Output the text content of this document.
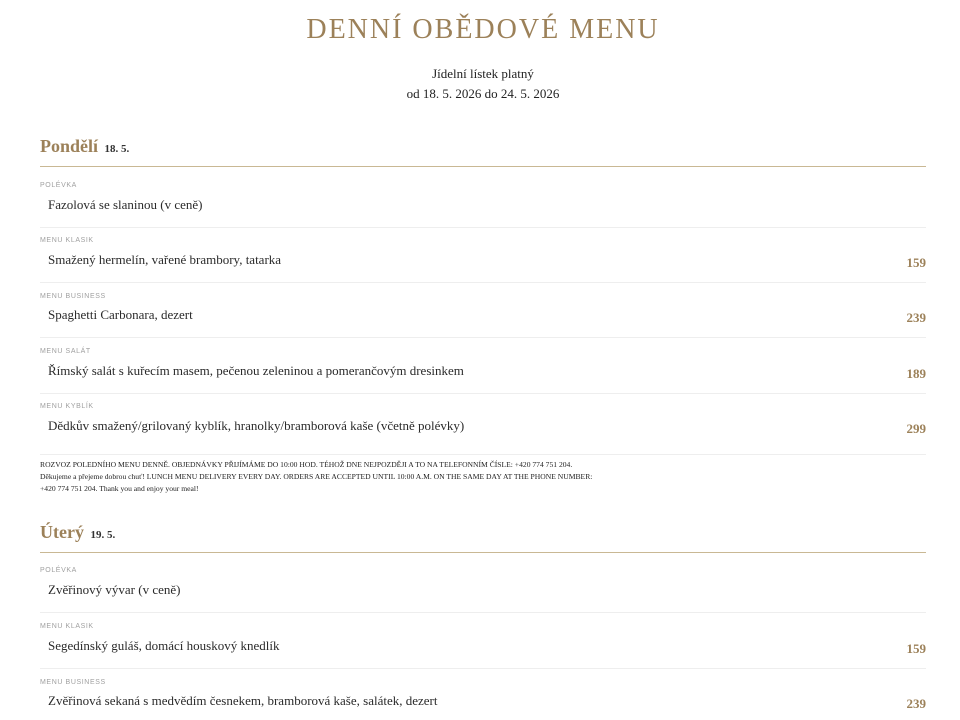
DENNÍ OBĚDOVÉ MENU
Jídelní lístek platný
od 18. 5. 2026 do 24. 5. 2026
Pondělí 18. 5.
POLÉVKA
Fazolová se slaninou (v ceně)
MENU KLASIK
Smažený hermelín, vařené brambory, tatarka	159
MENU BUSINESS
Spaghetti Carbonara, dezert	239
MENU SALÁT
Římský salát s kuřecím masem, pečenou zeleninou a pomerančovým dresinkem	189
MENU KYBLÍK
Dědkův smažený/grilovaný kyblík, hranolky/bramborová kaše (včetně polévky)	299
ROZVOZ POLEDNÍHO MENU DENNĚ. OBJEDNÁVKY PŘIJÍMÁME DO 10:00 HOD. TÉHOŽ DNE NEJPOZDĚJI A TO NA TELEFONNÍM ČÍSLE: +420 774 751 204.
Děkujeme a přejeme dobrou chuť! LUNCH MENU DELIVERY EVERY DAY. ORDERS ARE ACCEPTED UNTIL 10:00 A.M. ON THE SAME DAY AT THE PHONE NUMBER:
+420 774 751 204. Thank you and enjoy your meal!
Úterý 19. 5.
POLÉVKA
Zvěřinový vývar (v ceně)
MENU KLASIK
Segedínský guláš, domácí houskový knedlík	159
MENU BUSINESS
Zvěřinová sekaná s medvědím česnekem, bramborová kaše, salátek, dezert	239
